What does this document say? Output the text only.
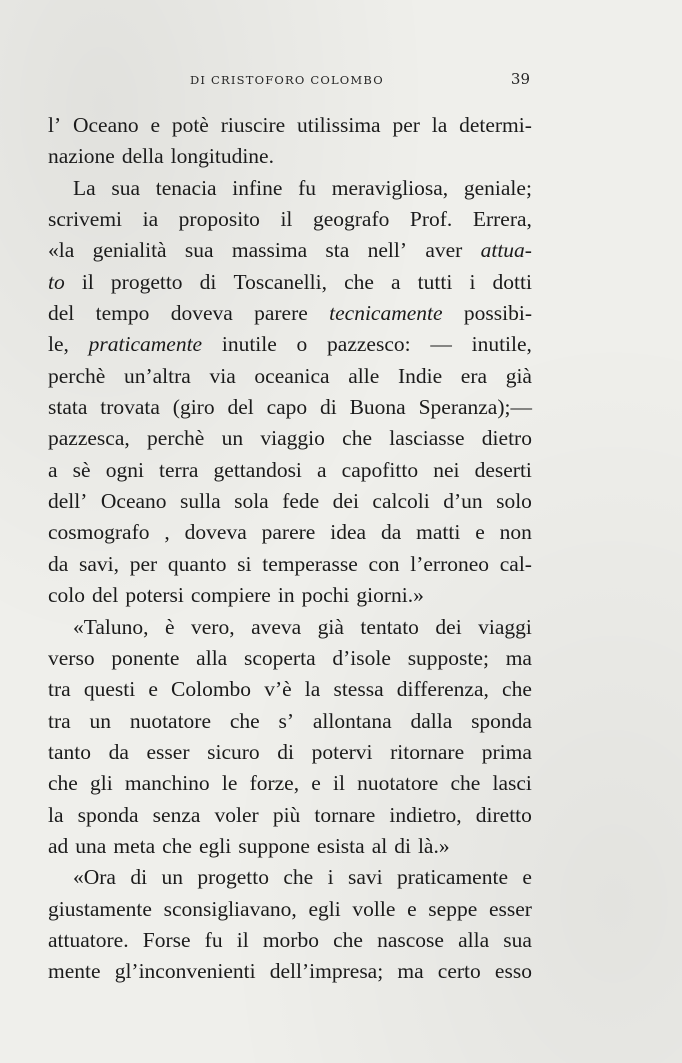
DI CRISTOFORO COLOMBO	39
l’ Oceano e potè riuscire utilissima per la determi-
nazione della longitudine.
La sua tenacia infine fu meravigliosa, geniale;
scrivemi ia proposito il geografo Prof. Errera,
«la genialità sua massima sta nell’ aver attua-
to il progetto di Toscanelli, che a tutti i dotti
del tempo doveva parere tecnicamente possibi-
le, praticamente inutile o pazzesco: — inutile,
perchè un’altra via oceanica alle Indie era già
stata trovata (giro del capo di Buona Speranza);—
pazzesca, perchè un viaggio che lasciasse dietro
a sè ogni terra gettandosi a capofitto nei deserti
dell’ Oceano sulla sola fede dei calcoli d’un solo
cosmografo , doveva parere idea da matti e non
da savi, per quanto si temperasse con l’erroneo cal-
colo del potersi compiere in pochi giorni.»
«Taluno, è vero, aveva già tentato dei viaggi
verso ponente alla scoperta d’isole supposte; ma
tra questi e Colombo v’è la stessa differenza, che
tra un nuotatore che s’ allontana dalla sponda
tanto da esser sicuro di potervi ritornare prima
che gli manchino le forze, e il nuotatore che lasci
la sponda senza voler più tornare indietro, diretto
ad una meta che egli suppone esista al di là.»
«Ora di un progetto che i savi praticamente e
giustamente sconsigliavano, egli volle e seppe esser
attuatore. Forse fu il morbo che nascose alla sua
mente gl’inconvenienti dell’impresa; ma certo esso
